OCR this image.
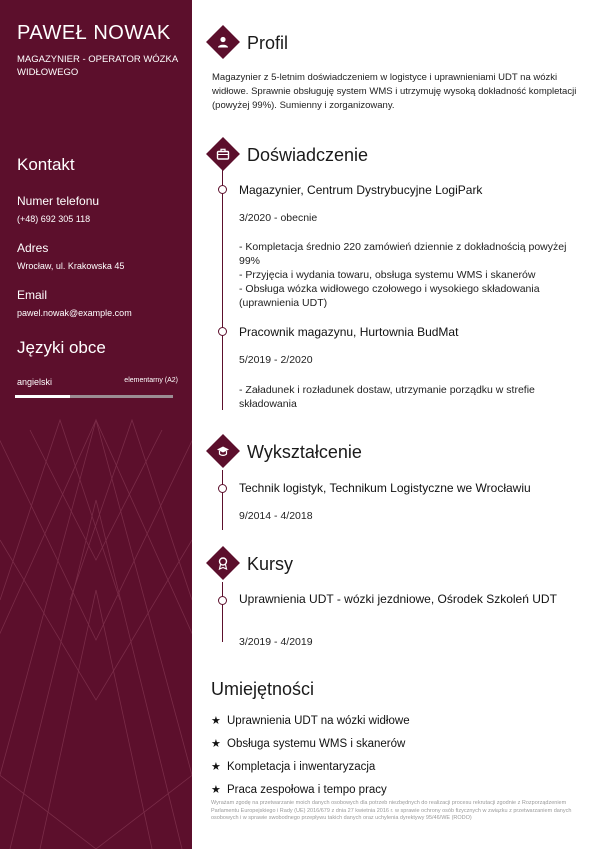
PAWEŁ NOWAK
MAGAZYNIER - OPERATOR WÓZKA WIDŁOWEGO
Kontakt
Numer telefonu
(+48) 692 305 118
Adres
Wrocław, ul. Krakowska 45
Email
pawel.nowak@example.com
Języki obce
angielski	elementarny (A2)
Profil
Magazynier z 5-letnim doświadczeniem w logistyce i uprawnieniami UDT na wózki widłowe. Sprawnie obsługuję system WMS i utrzymuję wysoką dokładność kompletacji (powyżej 99%). Sumienny i zorganizowany.
Doświadczenie
Magazynier, Centrum Dystrybucyjne LogiPark
3/2020 - obecnie
- Kompletacja średnio 220 zamówień dziennie z dokładnością powyżej 99%
- Przyjęcia i wydania towaru, obsługa systemu WMS i skanerów
- Obsługa wózka widłowego czołowego i wysokiego składowania (uprawnienia UDT)
Pracownik magazynu, Hurtownia BudMat
5/2019 - 2/2020
- Załadunek i rozładunek dostaw, utrzymanie porządku w strefie składowania
Wykształcenie
Technik logistyk, Technikum Logistyczne we Wrocławiu
9/2014 - 4/2018
Kursy
Uprawnienia UDT - wózki jezdniowe, Ośrodek Szkoleń UDT
3/2019 - 4/2019
Umiejętności
★ Uprawnienia UDT na wózki widłowe
★ Obsługa systemu WMS i skanerów
★ Kompletacja i inwentaryzacja
★ Praca zespołowa i tempo pracy
Wyrażam zgodę na przetwarzanie moich danych osobowych dla potrzeb niezbędnych do realizacji procesu rekrutacji zgodnie z Rozporządzeniem Parlamentu Europejskiego i Rady (UE) 2016/679 z dnia 27 kwietnia 2016 r. w sprawie ochrony osób fizycznych w związku z przetwarzaniem danych osobowych i w sprawie swobodnego przepływu takich danych oraz uchylenia dyrektywy 95/46/WE (RODO)
